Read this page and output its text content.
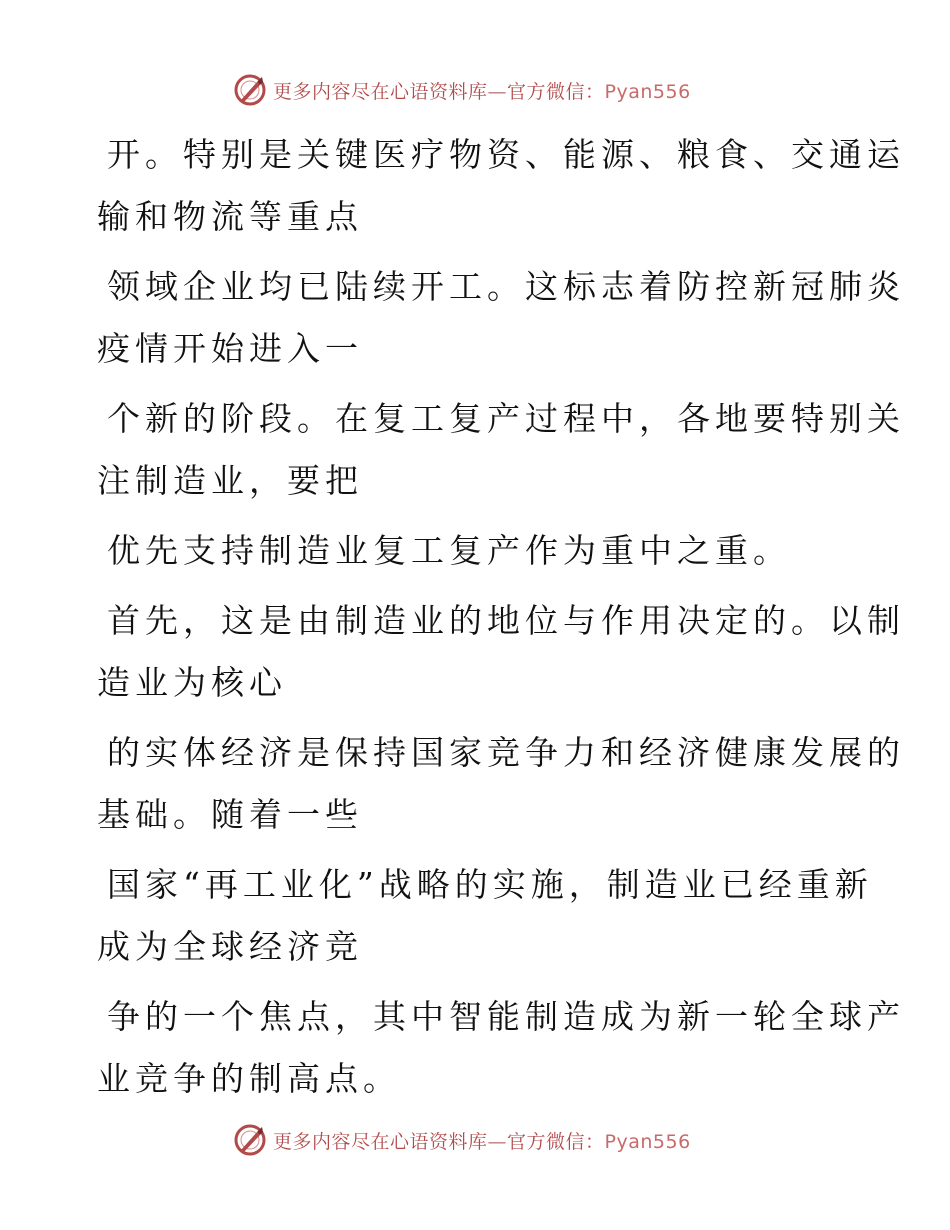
更多内容尽在心语资料库—官方微信：Pyan556

开。特别是关键医疗物资、能源、粮食、交通运
输和物流等重点

领域企业均已陆续开工。这标志着防控新冠肺炎
疫情开始进入一

个新的阶段。在复工复产过程中，各地要特别关
注制造业，要把

优先支持制造业复工复产作为重中之重。

首先，这是由制造业的地位与作用决定的。以制
造业为核心

的实体经济是保持国家竞争力和经济健康发展的
基础。随着一些

国家“再工业化”战略的实施，制造业已经重新
成为全球经济竞

争的一个焦点，其中智能制造成为新一轮全球产
业竞争的制高点。

更多内容尽在心语资料库—官方微信：Pyan556
